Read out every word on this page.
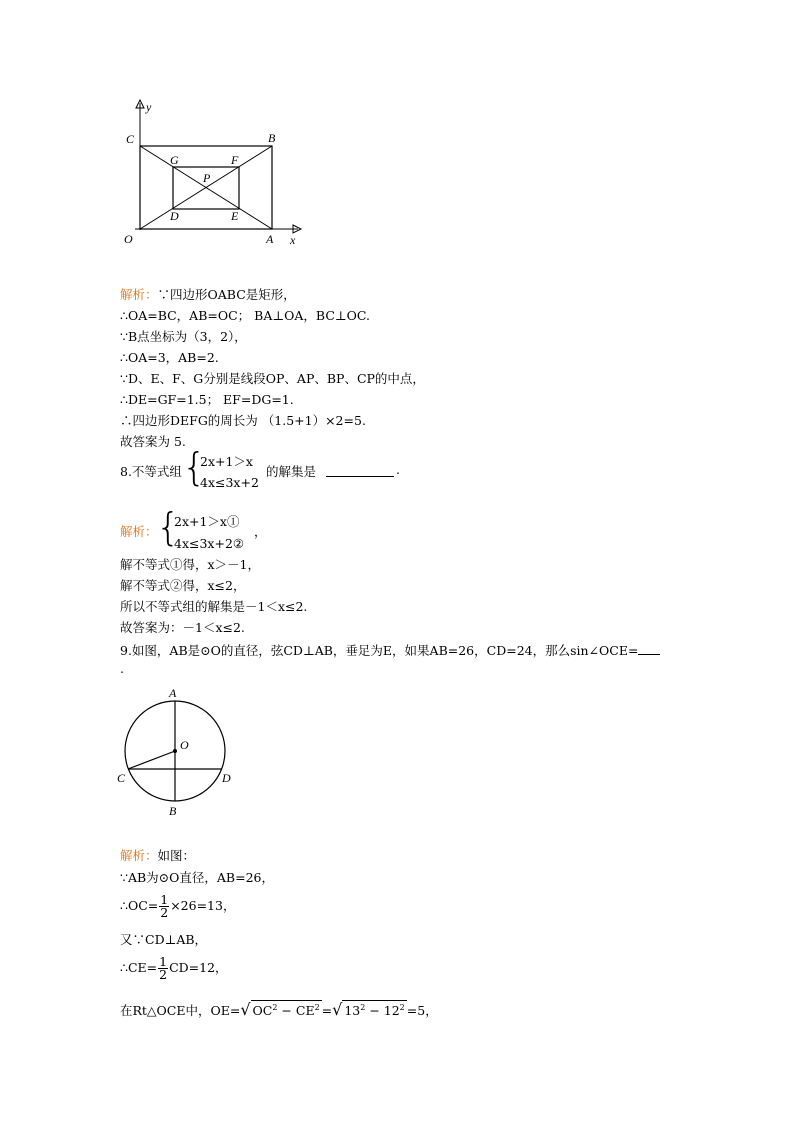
y
C	B
G	F
P
D	E
O	A x
解析：∵四边形OABC是矩形，
∴OA=BC，AB=OC； BA⊥OA，BC⊥OC.
∵B点坐标为（3，2），
∴OA=3，AB=2.
∵D、E、F、G分别是线段OP、AP、BP、CP的中点，
∴DE=GF=1.5； EF=DG=1.
∴四边形DEFG的周长为 （1.5+1）×2=5.
故答案为 5.
8.不等式组 {
2x+1＞x
4x≤3x+2
的解集是	.
解析：
{
2x+1＞x①
4x≤3x+2②
，
解不等式①得，x＞－1，
解不等式②得，x≤2，
所以不等式组的解集是－1＜x≤2.
故答案为：－1＜x≤2.
9.如图，AB是⊙O的直径，弦CD⊥AB，垂足为E，如果AB=26，CD=24，那么sin∠OCE=
.
A
O
C	D
B
解析：如图：
∵AB为⊙O直径，AB=26，
∴OC= $\frac{1}{2} \times 26=13$，
又∵CD⊥AB，
∴CE= $\frac{1}{2} CD=12$，
在Rt△OCE中，OE=√ $OC^2 - CE^2$ =√ $13^2 - 12^2 =5$，
